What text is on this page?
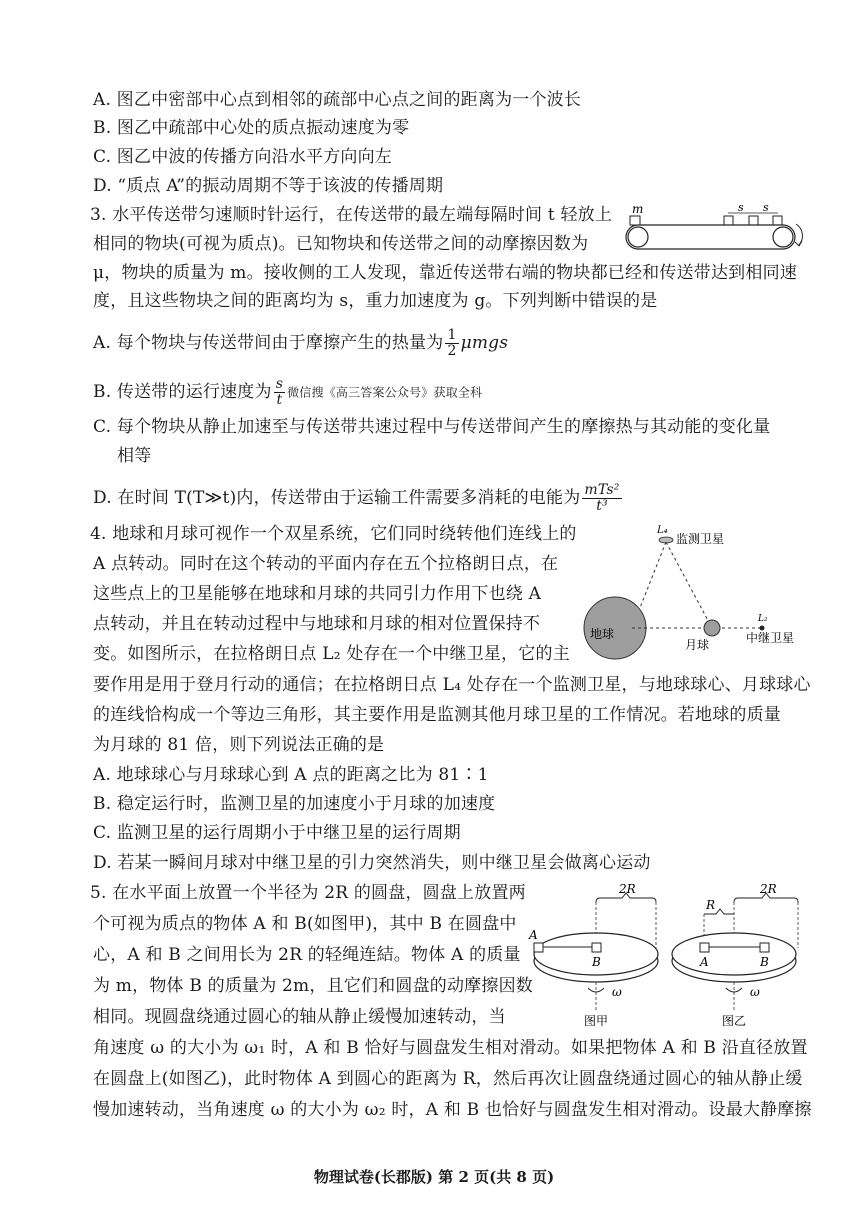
A. 图乙中密部中心点到相邻的疏部中心点之间的距离为一个波长
B. 图乙中疏部中心处的质点振动速度为零
C. 图乙中波的传播方向沿水平方向向左
D. “质点 A”的振动周期不等于该波的传播周期
3. 水平传送带匀速顺时针运行，在传送带的最左端每隔时间 t 轻放上
相同的物块(可视为质点)。已知物块和传送带之间的动摩擦因数为
μ，物块的质量为 m。接收侧的工人发现，靠近传送带右端的物块都已经和传送带达到相同速
度，且这些物块之间的距离均为 s，重力加速度为 g。下列判断中错误的是
m	s s
A. 每个物块与传送带间由于摩擦产生的热量为 $\frac{1}{2}$ μmgs
B. 传送带的运行速度为 $\frac{s}{t}$ 微信搜《高三答案公众号》获取全科
C. 每个物块从静止加速至与传送带共速过程中与传送带间产生的摩擦热与其动能的变化量
相等
D. 在时间 T(T≫t)内，传送带由于运输工件需要多消耗的电能为 $\frac{\text{mTs²}}{\text{t³}}$
4. 地球和月球可视作一个双星系统，它们同时绕转他们连线上的
A 点转动。同时在这个转动的平面内存在五个拉格朗日点，在
这些点上的卫星能够在地球和月球的共同引力作用下也绕 A
点转动，并且在转动过程中与地球和月球的相对位置保持不
变。如图所示，在拉格朗日点 L₂ 处存在一个中继卫星，它的主
要作用是用于登月行动的通信；在拉格朗日点 L₄ 处存在一个监测卫星，与地球球心、月球球心
的连线恰构成一个等边三角形，其主要作用是监测其他月球卫星的工作情况。若地球的质量
为月球的 81 倍，则下列说法正确的是
A. 地球球心与月球球心到 A 点的距离之比为 81∶1
B. 稳定运行时，监测卫星的加速度小于月球的加速度
C. 监测卫星的运行周期小于中继卫星的运行周期
D. 若某一瞬间月球对中继卫星的引力突然消失，则中继卫星会做离心运动
L₄
监测卫星
地球
月球
L₂
中继卫星
5. 在水平面上放置一个半径为 2R 的圆盘，圆盘上放置两
个可视为质点的物体 A 和 B(如图甲)，其中 B 在圆盘中
心，A 和 B 之间用长为 2R 的轻绳连結。物体 A 的质量
为 m，物体 B 的质量为 2m，且它们和圆盘的动摩擦因数
相同。现圆盘绕通过圆心的轴从静止缓慢加速转动，当
角速度 ω 的大小为 ω₁ 时，A 和 B 恰好与圆盘发生相对滑动。如果把物体 A 和 B 沿直径放置
在圆盘上(如图乙)，此时物体 A 到圆心的距离为 R，然后再次让圆盘绕通过圆心的轴从静止缓
慢加速转动，当角速度 ω 的大小为 ω₂ 时，A 和 B 也恰好与圆盘发生相对滑动。设最大静摩擦
2R
A
B
ω
图甲
R
2R
A	B
ω
图乙
物理试卷(长郡版) 第 2 页(共 8 页)
